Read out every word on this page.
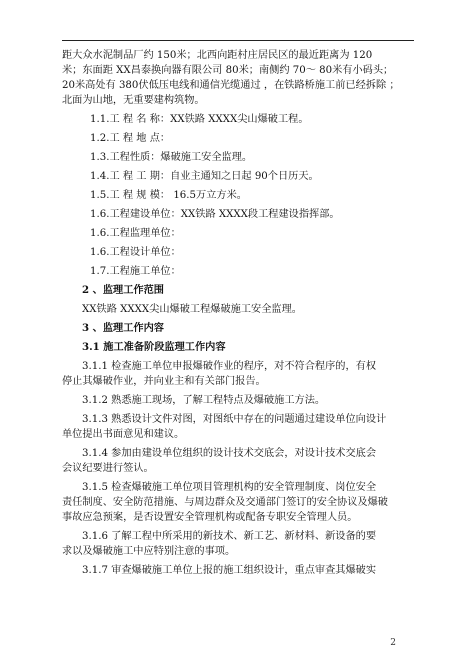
距大众水泥制品厂约 150米；北西向距村庄居民区的最近距离为 120
米；东面距 XX昌泰换向器有限公司 80米；南侧约 70～ 80米有小码头；
20米高处有 380伏低压电线和通信光缆通过 ，在铁路桥施工前已经拆除 ；
北面为山地，无重要建构筑物。
1.1.工 程 名 称：XX铁路 XXXX尖山爆破工程。
1.2.工 程 地 点：
1.3.工程性质：爆破施工安全监理。
1.4.工 程 工 期：自业主通知之日起 90个日历天。
1.5.工 程 规 模： 16.5万立方米。
1.6.工程建设单位：XX铁路 XXXX段工程建设指挥部。
1.6.工程监理单位：
1.6.工程设计单位：
1.7.工程施工单位：
2 、监理工作范围
XX铁路 XXXX尖山爆破工程爆破施工安全监理。
3 、监理工作内容
3.1 施工准备阶段监理工作内容
3.1.1 检查施工单位申报爆破作业的程序，对不符合程序的，有权
停止其爆破作业，并向业主和有关部门报告。
3.1.2 熟悉施工现场，了解工程特点及爆破施工方法。
3.1.3 熟悉设计文件对图，对图纸中存在的问题通过建设单位向设计
单位提出书面意见和建议。
3.1.4 参加由建设单位组织的设计技术交底会，对设计技术交底会
会议纪要进行签认。
3.1.5 检查爆破施工单位项目管理机构的安全管理制度、岗位安全
责任制度、安全防范措施、与周边群众及交通部门签订的安全协议及爆破
事故应急预案，是否设置安全管理机构或配备专职安全管理人员。
3.1.6 了解工程中所采用的新技术、新工艺、新材料、新设备的要
求以及爆破施工中应特别注意的事项。
3.1.7 审查爆破施工单位上报的施工组织设计，重点审查其爆破实
2
